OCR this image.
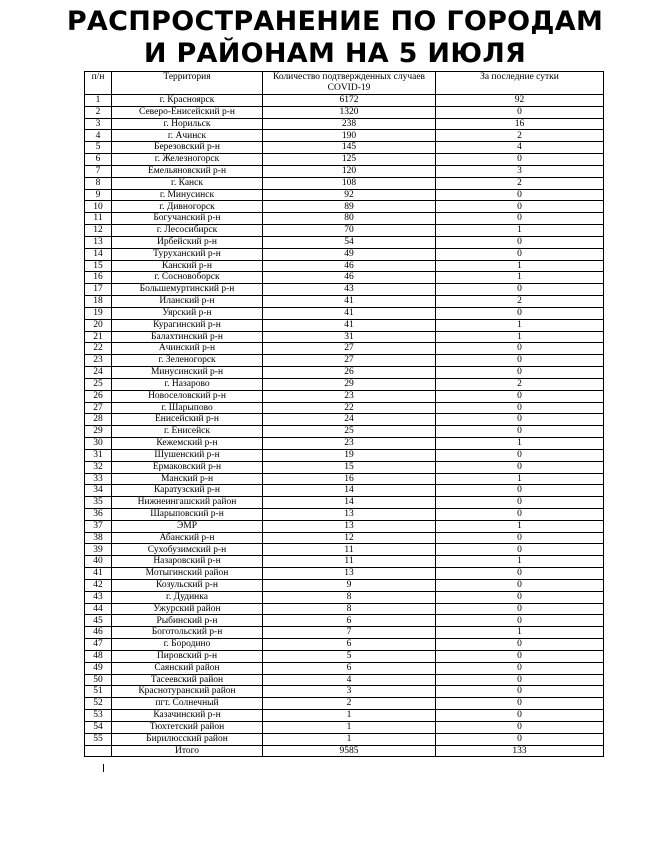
РАСПРОСТРАНЕНИЕ ПО ГОРОДАМ
И РАЙОНАМ НА 5 ИЮЛЯ
п/н	Территория	Количество подтвержденных случаев COVID-19	За последние сутки
1	г. Красноярск	6172	92
2	Северо-Енисейский р-н	1320	0
3	г. Норильск	238	16
4	г. Ачинск	190	2
5	Березовский р-н	145	4
6	г. Железногорск	125	0
7	Емельяновский р-н	120	3
8	г. Канск	108	2
9	г. Минусинск	92	0
10	г. Дивногорск	89	0
11	Богучанский р-н	80	0
12	г. Лесосибирск	70	1
13	Ирбейский р-н	54	0
14	Туруханский р-н	49	0
15	Канский р-н	46	1
16	г. Сосновоборск	46	1
17	Большемуртинский р-н	43	0
18	Иланский р-н	41	2
19	Уярский р-н	41	0
20	Курагинский р-н	41	1
21	Балахтинский р-н	31	1
22	Ачинский р-н	27	0
23	г. Зеленогорск	27	0
24	Минусинский р-н	26	0
25	г. Назарово	29	2
26	Новоселовский р-н	23	0
27	г. Шарыпово	22	0
28	Енисейский р-н	24	0
29	г. Енисейск	25	0
30	Кежемский р-н	23	1
31	Шушенский р-н	19	0
32	Ермаковский р-н	15	0
33	Манский р-н	16	1
34	Каратузский р-н	14	0
35	Нижнеингашский район	14	0
36	Шарыповский р-н	13	0
37	ЭМР	13	1
38	Абанский р-н	12	0
39	Сухобузимский р-н	11	0
40	Назаровский р-н	11	1
41	Мотыгинский район	13	0
42	Козульский р-н	9	0
43	г. Дудинка	8	0
44	Ужурский район	8	0
45	Рыбинский р-н	6	0
46	Боготольский р-н	7	1
47	г. Бородино	6	0
48	Пировский р-н	5	0
49	Саянский район	6	0
50	Тасеевский район	4	0
51	Краснотуранский район	3	0
52	пгт. Солнечный	2	0
53	Казачинский р-н	1	0
54	Тюхтетский район	1	0
55	Бирилюсский район	1	0
	Итого	9585	133
